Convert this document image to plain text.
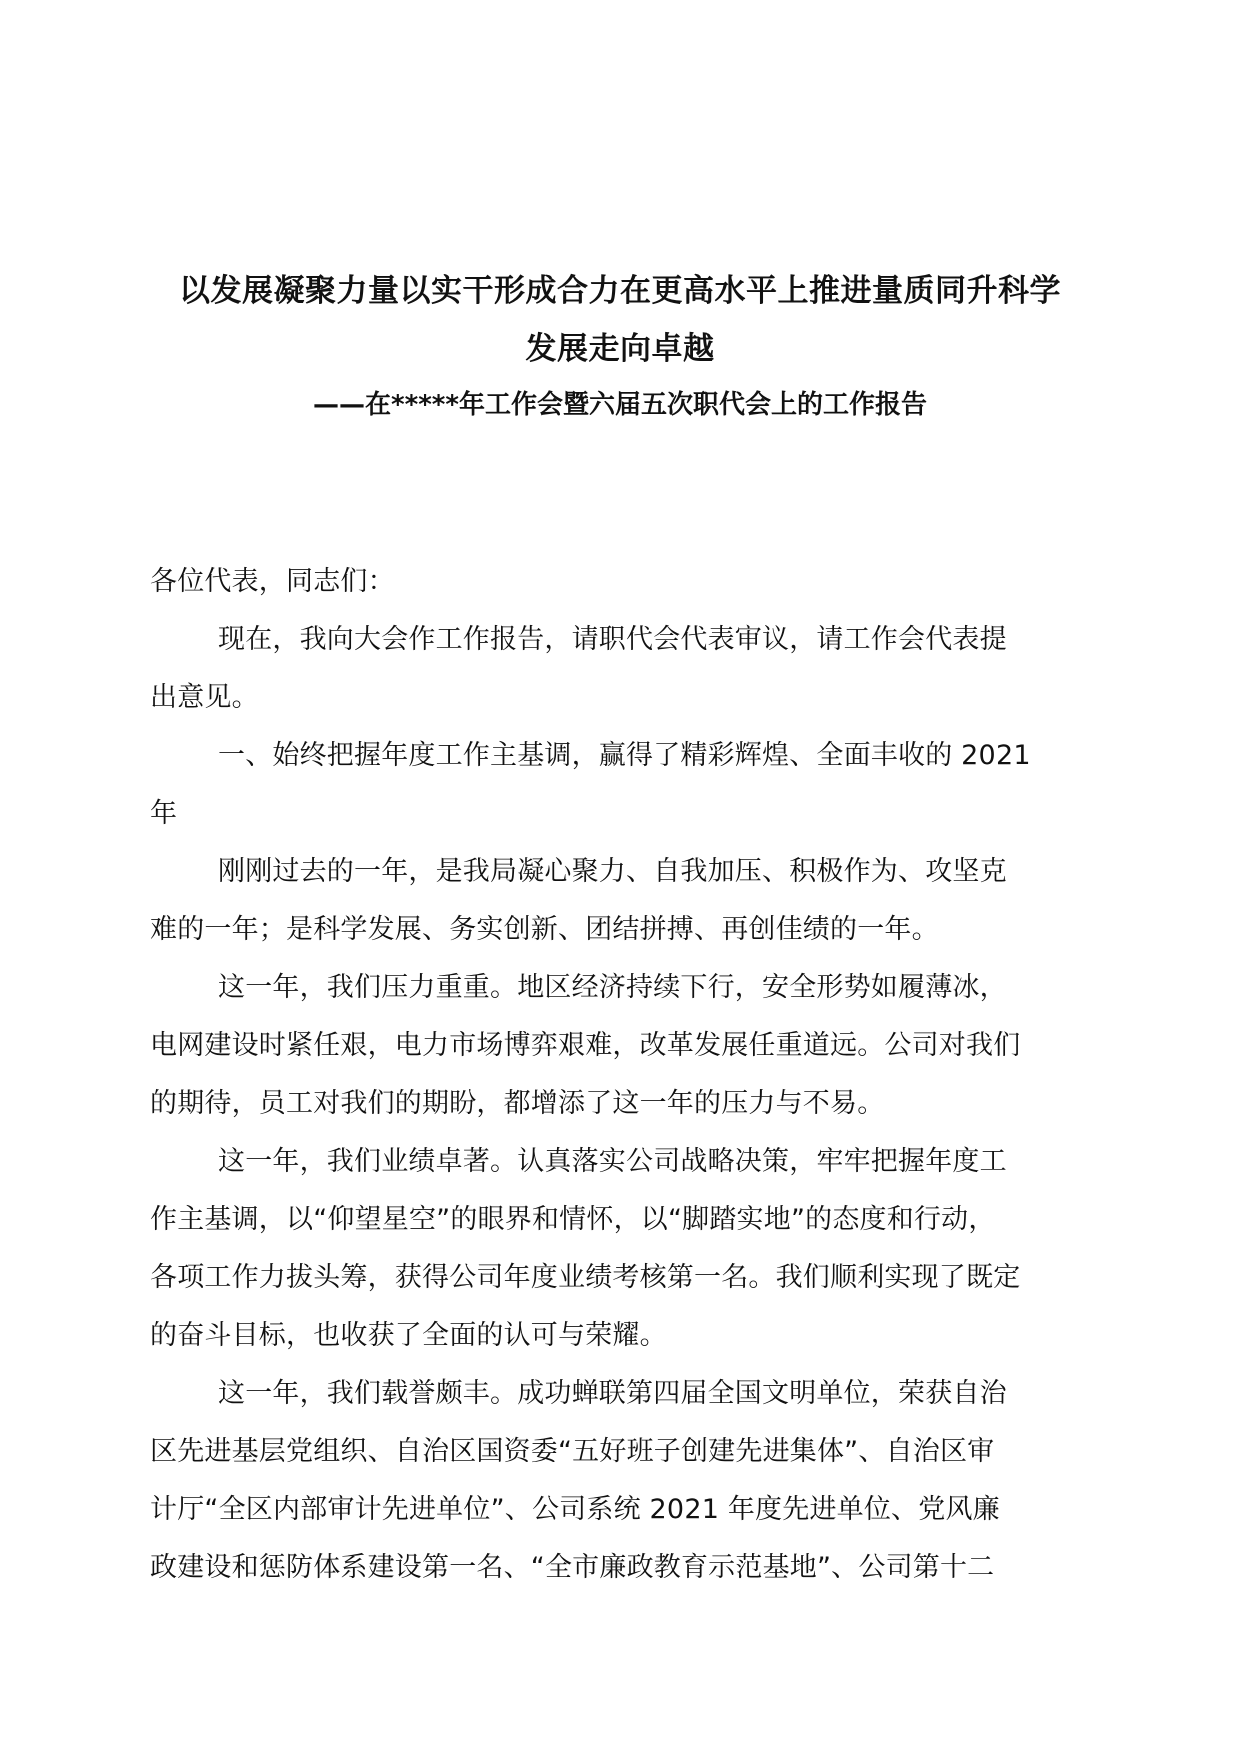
以发展凝聚力量以实干形成合力在更高水平上推进量质同升科学

发展走向卓越

——在*****年工作会暨六届五次职代会上的工作报告

各位代表，同志们：

现在，我向大会作工作报告，请职代会代表审议，请工作会代表提

出意见。

一、始终把握年度工作主基调，赢得了精彩辉煌、全面丰收的 2021

年

刚刚过去的一年，是我局凝心聚力、自我加压、积极作为、攻坚克

难的一年；是科学发展、务实创新、团结拼搏、再创佳绩的一年。

这一年，我们压力重重。地区经济持续下行，安全形势如履薄冰，

电网建设时紧任艰，电力市场博弈艰难，改革发展任重道远。公司对我们

的期待，员工对我们的期盼，都增添了这一年的压力与不易。

这一年，我们业绩卓著。认真落实公司战略决策，牢牢把握年度工

作主基调，以“仰望星空”的眼界和情怀，以“脚踏实地”的态度和行动，

各项工作力拔头筹，获得公司年度业绩考核第一名。我们顺利实现了既定

的奋斗目标，也收获了全面的认可与荣耀。

这一年，我们载誉颇丰。成功蝉联第四届全国文明单位，荣获自治

区先进基层党组织、自治区国资委“五好班子创建先进集体”、自治区审

计厅“全区内部审计先进单位”、公司系统 2021 年度先进单位、党风廉

政建设和惩防体系建设第一名、“全市廉政教育示范基地”、公司第十二
